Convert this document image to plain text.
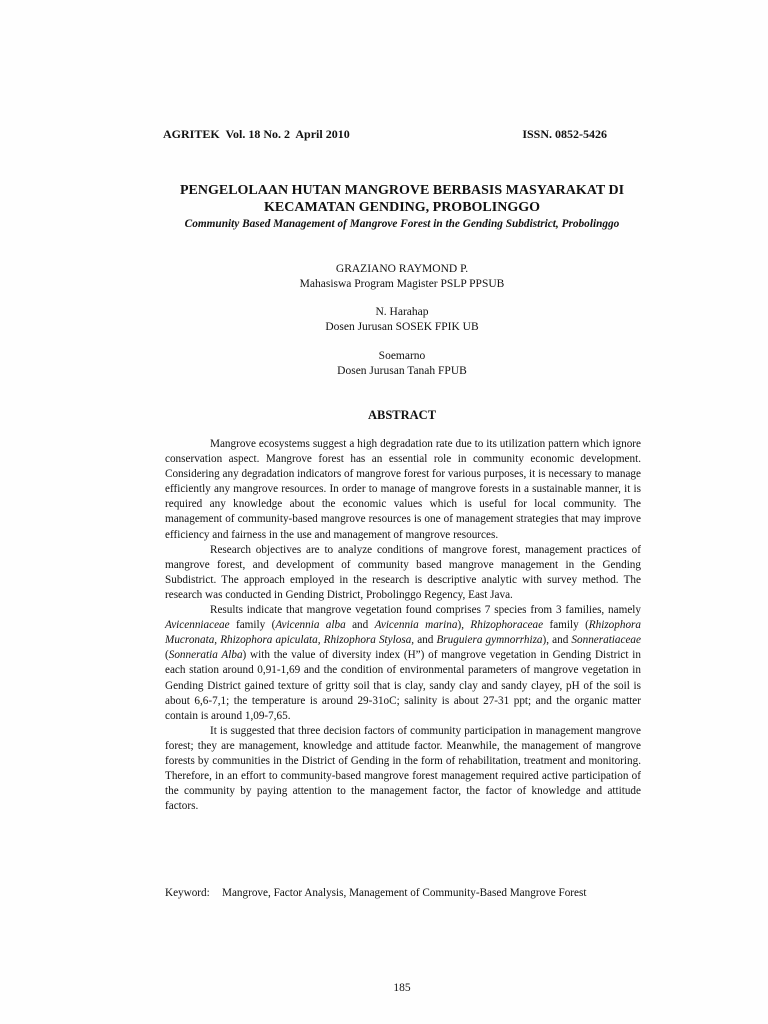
AGRITEK  Vol. 18 No. 2  April 2010	ISSN. 0852-5426
PENGELOLAAN HUTAN MANGROVE BERBASIS MASYARAKAT DI
KECAMATAN GENDING, PROBOLINGGO
Community Based Management of Mangrove Forest in the Gending Subdistrict, Probolinggo
GRAZIANO RAYMOND P.
Mahasiswa Program Magister PSLP PPSUB
N. Harahap
Dosen Jurusan SOSEK FPIK UB
Soemarno
Dosen Jurusan Tanah FPUB
ABSTRACT

Mangrove ecosystems suggest a high degradation rate due to its utilization pattern which ignore conservation aspect. Mangrove forest has an essential role in community economic development. Considering any degradation indicators of mangrove forest for various purposes, it is necessary to manage efficiently any mangrove resources. In order to manage of mangrove forests in a sustainable manner, it is required any knowledge about the economic values which is useful for local community. The management of community-based mangrove resources is one of management strategies that may improve efficiency and fairness in the use and management of mangrove resources.

Research objectives are to analyze conditions of mangrove forest, management practices of mangrove forest, and development of community based mangrove management in the Gending Subdistrict. The approach employed in the research is descriptive analytic with survey method. The research was conducted in Gending District, Probolinggo Regency, East Java.

Results indicate that mangrove vegetation found comprises 7 species from 3 families, namely Avicenniaceae family (Avicennia alba and Avicennia marina), Rhizophoraceae family (Rhizophora Mucronata, Rhizophora apiculata, Rhizophora Stylosa, and Bruguiera gymnorrhiza), and Sonneratiaceae (Sonneratia Alba) with the value of diversity index (H”) of mangrove vegetation in Gending District in each station around 0,91-1,69 and the condition of environmental parameters of mangrove vegetation in Gending District gained texture of gritty soil that is clay, sandy clay and sandy clayey, pH of the soil is about 6,6-7,1; the temperature is around 29-31oC; salinity is about 27-31 ppt; and the organic matter contain is around 1,09-7,65.

It is suggested that three decision factors of community participation in management mangrove forest; they are management, knowledge and attitude factor. Meanwhile, the management of mangrove forests by communities in the District of Gending in the form of rehabilitation, treatment and monitoring. Therefore, in an effort to community-based mangrove forest management required active participation of the community by paying attention to the management factor, the factor of knowledge and attitude factors.

Keyword:	Mangrove, Factor Analysis, Management of Community-Based Mangrove Forest
185
